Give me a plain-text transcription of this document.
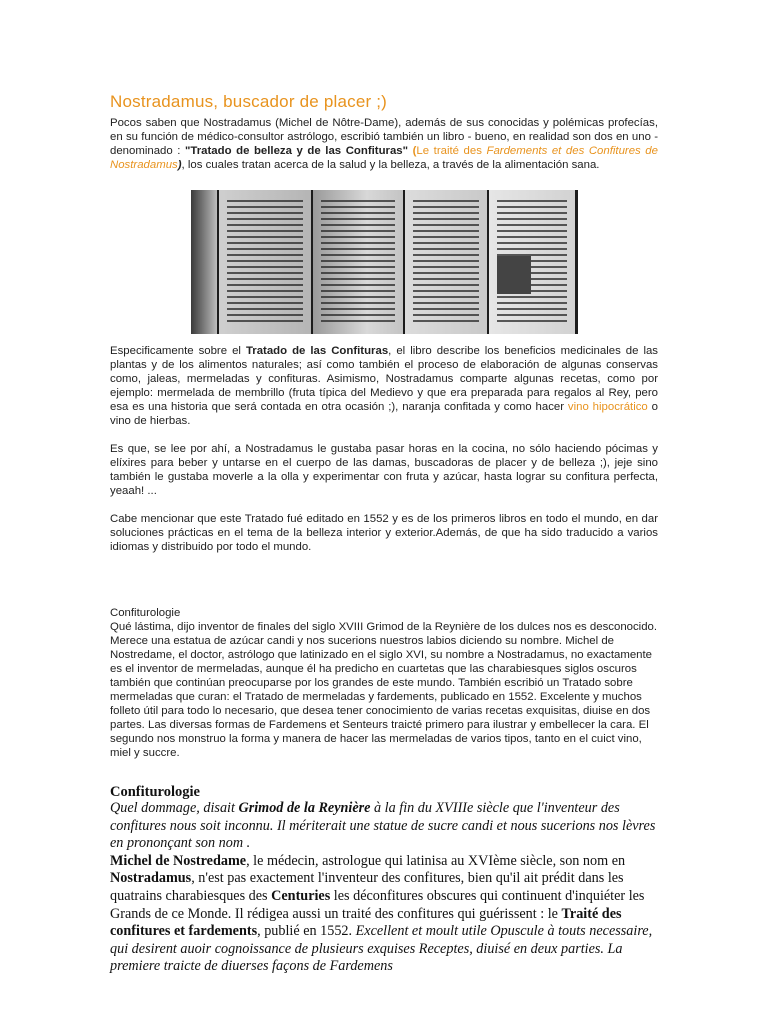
Nostradamus, buscador de placer ;)

Pocos saben que Nostradamus (Michel de Nôtre-Dame), además de sus conocidas y polémicas profecías, en su función de médico-consultor astrólogo, escribió también un libro - bueno, en realidad son dos en uno - denominado : "Tratado de belleza y de las Confituras" (Le traité des Fardements et des Confitures de Nostradamus), los cuales tratan acerca de la salud y la belleza, a través de la alimentación sana.

Especificamente sobre el Tratado de las Confituras, el libro describe los beneficios medicinales de las plantas y de los alimentos naturales; así como también el proceso de elaboración de algunas conservas como, jaleas, mermeladas y confituras. Asimismo, Nostradamus comparte algunas recetas, como por ejemplo: mermelada de membrillo (fruta típica del Medievo y que era preparada para regalos al Rey, pero esa es una historia que será contada en otra ocasión ;), naranja confitada y como hacer vino hipocrático o vino de hierbas.

Es que, se lee por ahí, a Nostradamus le gustaba pasar horas en la cocina, no sólo haciendo pócimas y elíxires para beber y untarse en el cuerpo de las damas, buscadoras de placer y de belleza ;), jeje sino también le gustaba moverle a la olla y experimentar con fruta y azúcar, hasta lograr su confitura perfecta, yeaah! ...

Cabe mencionar que este Tratado fué editado en 1552 y es de los primeros libros en todo el mundo, en dar soluciones prácticas en el tema de la belleza interior y exterior.Además, de que ha sido traducido a varios idiomas y distribuido por todo el mundo.

Confiturologie

Qué lástima, dijo inventor de finales del siglo XVIII Grimod de la Reynière de los dulces nos es desconocido. Merece una estatua de azúcar candi y nos sucerions nuestros labios diciendo su nombre. Michel de Nostredame, el doctor, astrólogo que latinizado en el siglo XVI, su nombre a Nostradamus, no exactamente es el inventor de mermeladas, aunque él ha predicho en cuartetas que las charabiesques siglos oscuros también que continúan preocuparse por los grandes de este mundo. También escribió un Tratado sobre mermeladas que curan: el Tratado de mermeladas y fardements, publicado en 1552. Excelente y muchos folleto útil para todo lo necesario, que desea tener conocimiento de varias recetas exquisitas, diuise en dos partes. Las diversas formas de Fardemens et Senteurs traicté primero para ilustrar y embellecer la cara. El segundo nos monstruo la forma y manera de hacer las mermeladas de varios tipos, tanto en el cuict vino, miel y succre.

Confiturologie

Quel dommage, disait Grimod de la Reynière à la fin du XVIIIe siècle que l'inventeur des confitures nous soit inconnu. Il mériterait une statue de sucre candi et nous sucerions nos lèvres en prononçant son nom .
Michel de Nostredame, le médecin, astrologue qui latinisa au XVIème siècle, son nom en Nostradamus, n'est pas exactement l'inventeur des confitures, bien qu'il ait prédit dans les quatrains charabiesques des Centuries les déconfitures obscures qui continuent d'inquiéter les Grands de ce Monde. Il rédigea aussi un traité des confitures qui guérissent : le Traité des confitures et fardements, publié en 1552. Excellent et moult utile Opuscule à touts necessaire, qui desirent auoir cognoissance de plusieurs exquises Receptes, diuisé en deux parties. La premiere traicte de diuerses façons de Fardemens
